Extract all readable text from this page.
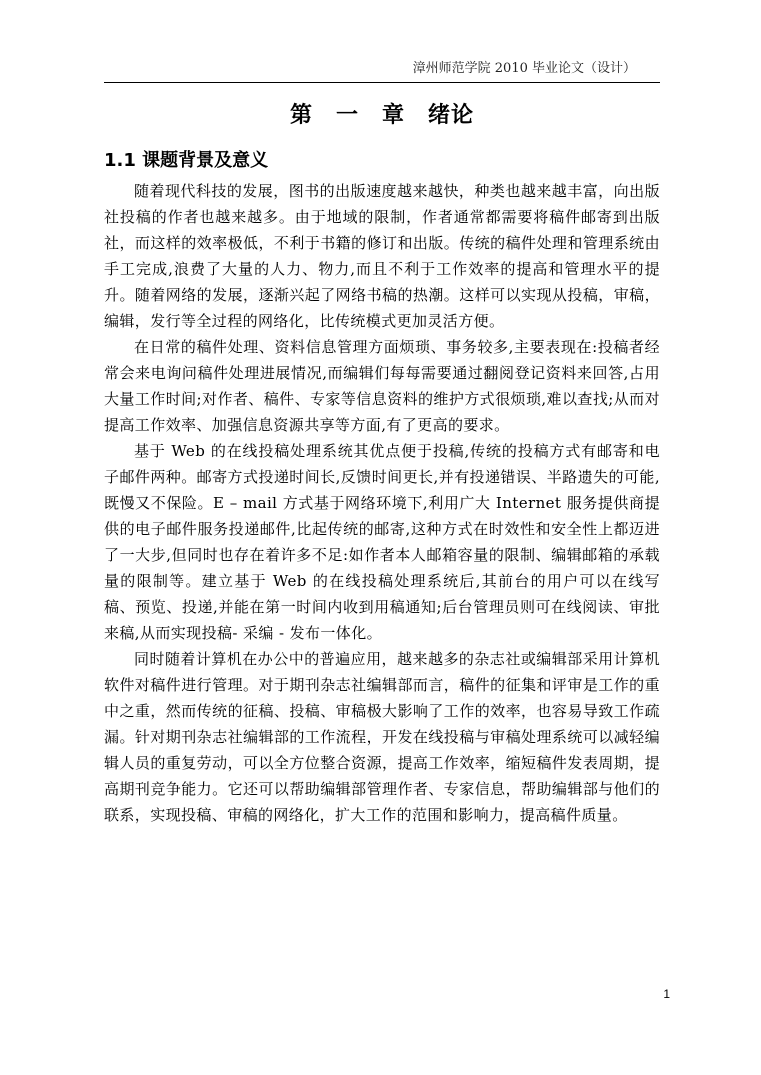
漳州师范学院 2010 毕业论文（设计）
第　一　章　绪论
1.1 课题背景及意义

随着现代科技的发展，图书的出版速度越来越快，种类也越来越丰富，向出版社投稿的作者也越来越多。由于地域的限制，作者通常都需要将稿件邮寄到出版社，而这样的效率极低，不利于书籍的修订和出版。传统的稿件处理和管理系统由手工完成,浪费了大量的人力、物力,而且不利于工作效率的提高和管理水平的提升。随着网络的发展，逐渐兴起了网络书稿的热潮。这样可以实现从投稿，审稿，编辑，发行等全过程的网络化，比传统模式更加灵活方便。

在日常的稿件处理、资料信息管理方面烦琐、事务较多,主要表现在:投稿者经常会来电询问稿件处理进展情况,而编辑们每每需要通过翻阅登记资料来回答,占用大量工作时间;对作者、稿件、专家等信息资料的维护方式很烦琐,难以查找;从而对提高工作效率、加强信息资源共享等方面,有了更高的要求。

基于 Web 的在线投稿处理系统其优点便于投稿,传统的投稿方式有邮寄和电子邮件两种。邮寄方式投递时间长,反馈时间更长,并有投递错误、半路遗失的可能,既慢又不保险。E – mail 方式基于网络环境下,利用广大 Internet 服务提供商提供的电子邮件服务投递邮件,比起传统的邮寄,这种方式在时效性和安全性上都迈进了一大步,但同时也存在着许多不足:如作者本人邮箱容量的限制、编辑邮箱的承载量的限制等。建立基于 Web 的在线投稿处理系统后,其前台的用户可以在线写稿、预览、投递,并能在第一时间内收到用稿通知;后台管理员则可在线阅读、审批来稿,从而实现投稿- 采编 - 发布一体化。

同时随着计算机在办公中的普遍应用，越来越多的杂志社或编辑部采用计算机软件对稿件进行管理。对于期刊杂志社编辑部而言，稿件的征集和评审是工作的重中之重，然而传统的征稿、投稿、审稿极大影响了工作的效率，也容易导致工作疏漏。针对期刊杂志社编辑部的工作流程，开发在线投稿与审稿处理系统可以减轻编辑人员的重复劳动，可以全方位整合资源，提高工作效率，缩短稿件发表周期，提高期刊竞争能力。它还可以帮助编辑部管理作者、专家信息，帮助编辑部与他们的联系，实现投稿、审稿的网络化，扩大工作的范围和影响力，提高稿件质量。

1
